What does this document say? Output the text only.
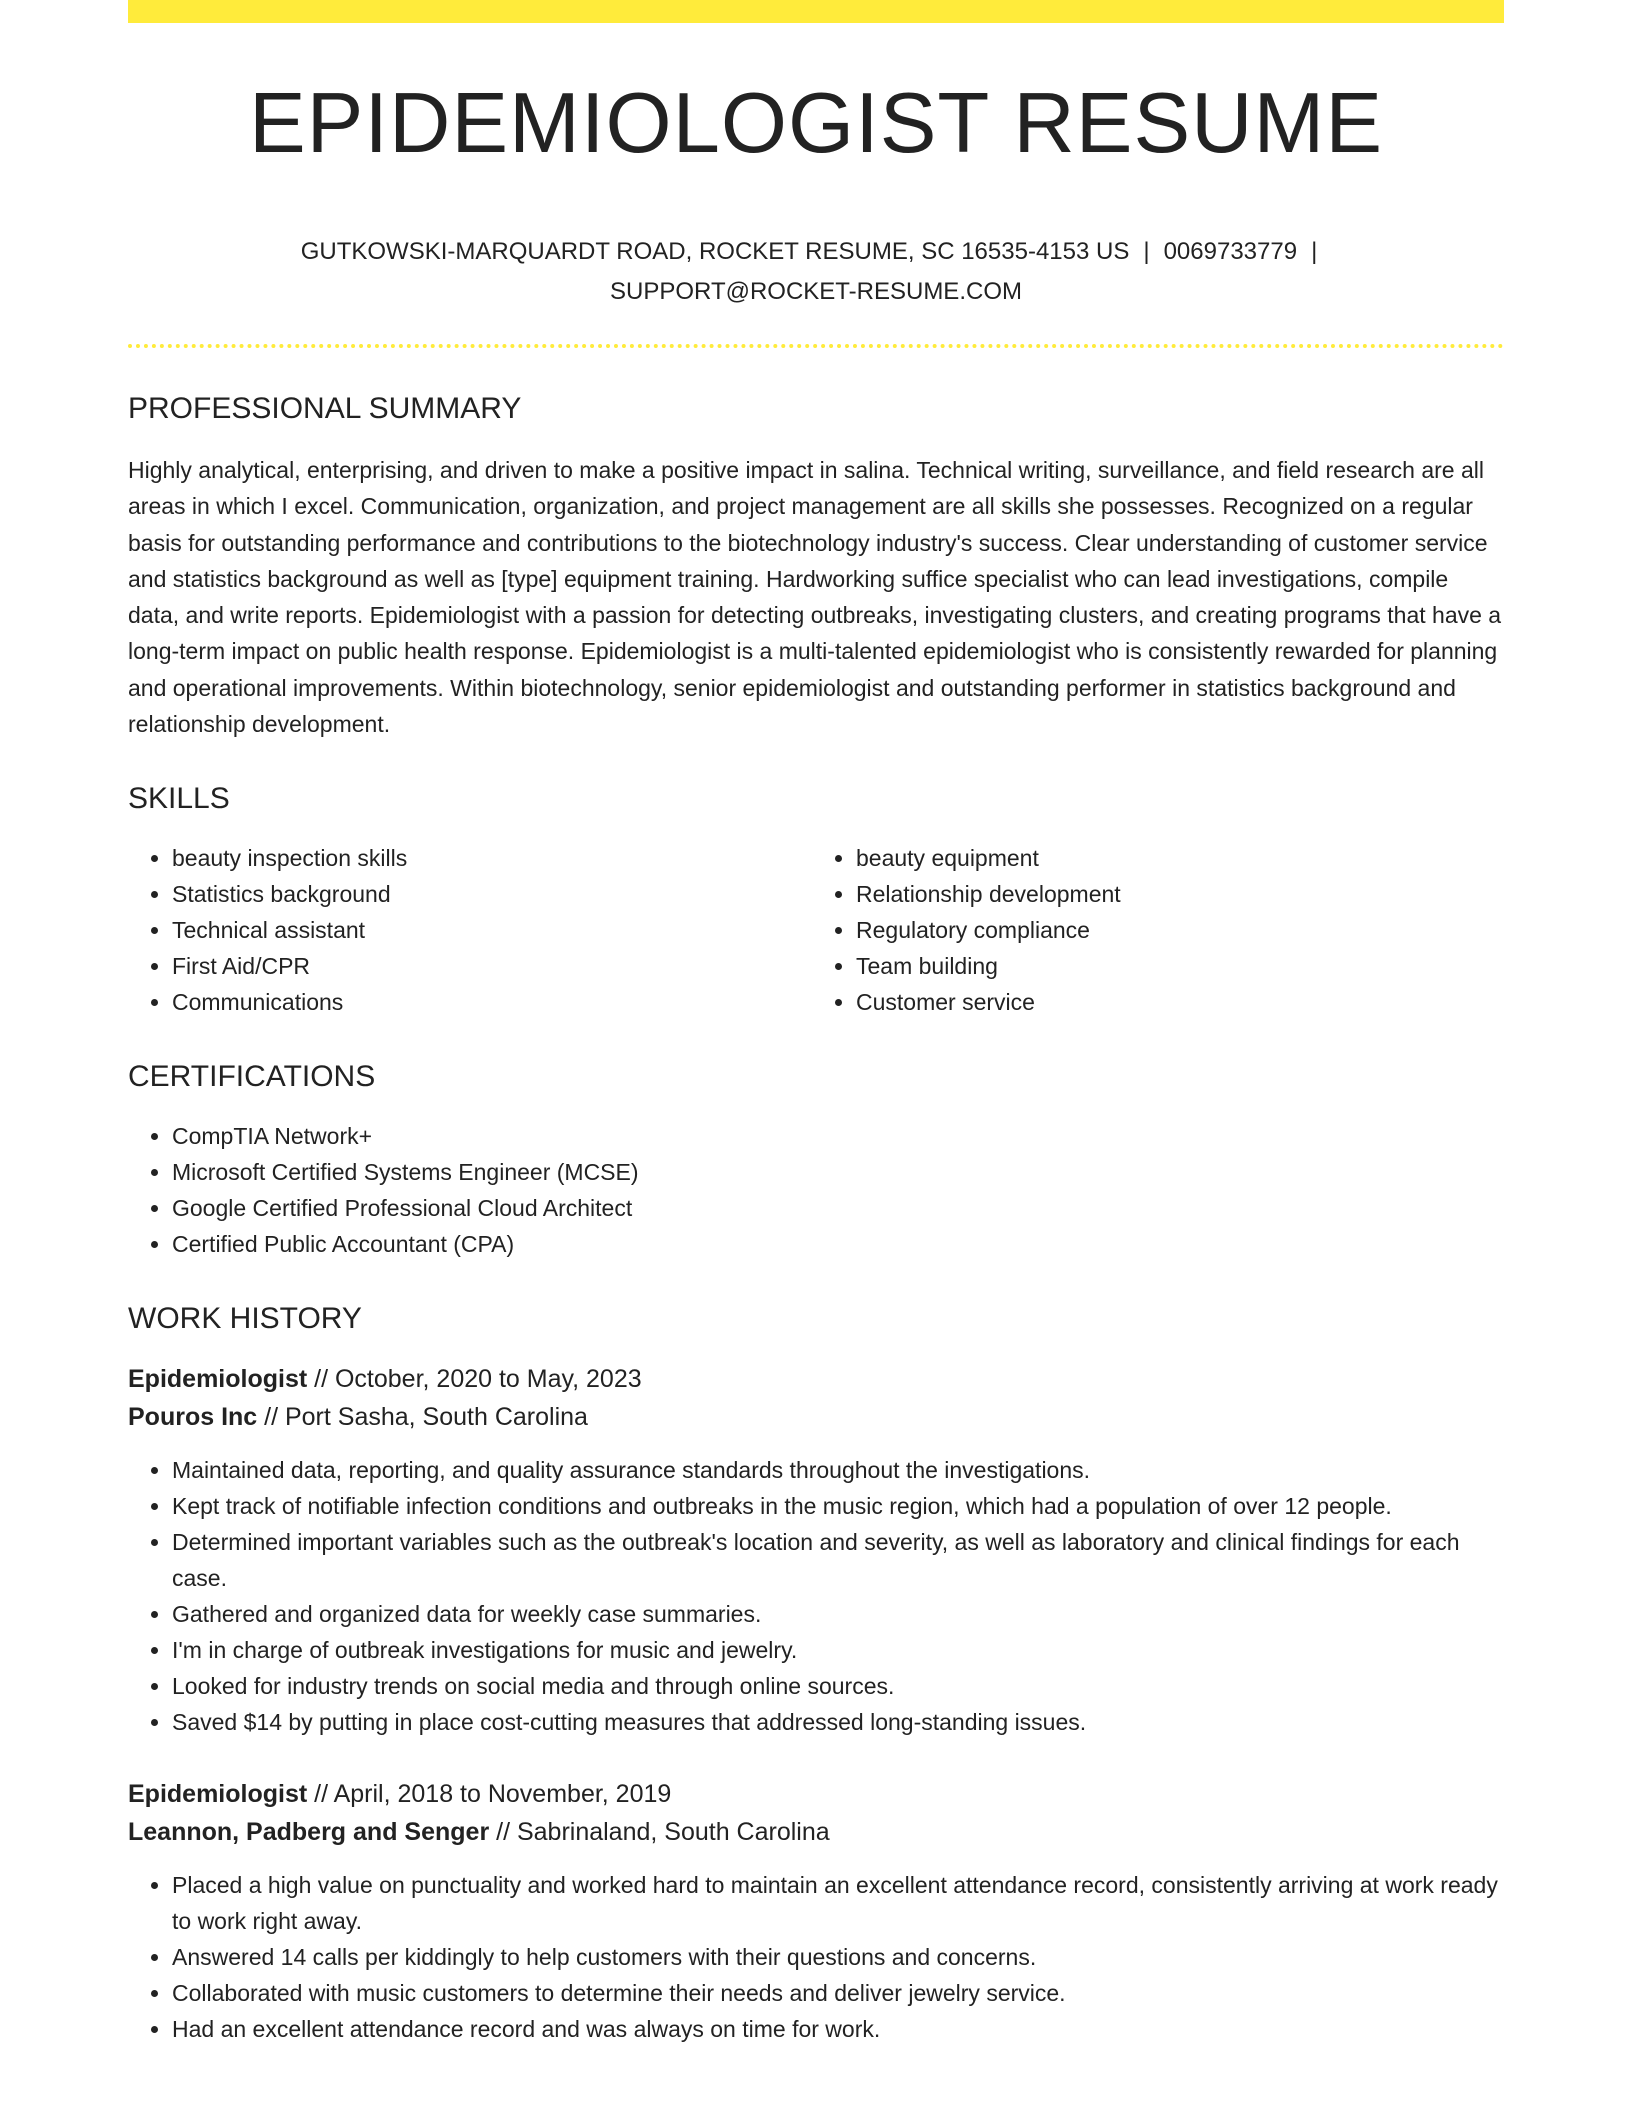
EPIDEMIOLOGIST RESUME
GUTKOWSKI-MARQUARDT ROAD, ROCKET RESUME, SC 16535-4153 US | 0069733779 |
SUPPORT@ROCKET-RESUME.COM
PROFESSIONAL SUMMARY

Highly analytical, enterprising, and driven to make a positive impact in salina. Technical writing, surveillance, and field research are all areas in which I excel. Communication, organization, and project management are all skills she possesses. Recognized on a regular basis for outstanding performance and contributions to the biotechnology industry's success. Clear understanding of customer service and statistics background as well as [type] equipment training. Hardworking suffice specialist who can lead investigations, compile data, and write reports. Epidemiologist with a passion for detecting outbreaks, investigating clusters, and creating programs that have a long-term impact on public health response. Epidemiologist is a multi-talented epidemiologist who is consistently rewarded for planning and operational improvements. Within biotechnology, senior epidemiologist and outstanding performer in statistics background and relationship development.

SKILLS
• beauty inspection skills
• Statistics background
• Technical assistant
• First Aid/CPR
• Communications
• beauty equipment
• Relationship development
• Regulatory compliance
• Team building
• Customer service
CERTIFICATIONS
• CompTIA Network+
• Microsoft Certified Systems Engineer (MCSE)
• Google Certified Professional Cloud Architect
• Certified Public Accountant (CPA)
WORK HISTORY
Epidemiologist // October, 2020 to May, 2023
Pouros Inc // Port Sasha, South Carolina
• Maintained data, reporting, and quality assurance standards throughout the investigations.
• Kept track of notifiable infection conditions and outbreaks in the music region, which had a population of over 12 people.
• Determined important variables such as the outbreak's location and severity, as well as laboratory and clinical findings for each case.
• Gathered and organized data for weekly case summaries.
• I'm in charge of outbreak investigations for music and jewelry.
• Looked for industry trends on social media and through online sources.
• Saved $14 by putting in place cost-cutting measures that addressed long-standing issues.
Epidemiologist // April, 2018 to November, 2019
Leannon, Padberg and Senger // Sabrinaland, South Carolina
• Placed a high value on punctuality and worked hard to maintain an excellent attendance record, consistently arriving at work ready to work right away.
• Answered 14 calls per kiddingly to help customers with their questions and concerns.
• Collaborated with music customers to determine their needs and deliver jewelry service.
• Had an excellent attendance record and was always on time for work.
